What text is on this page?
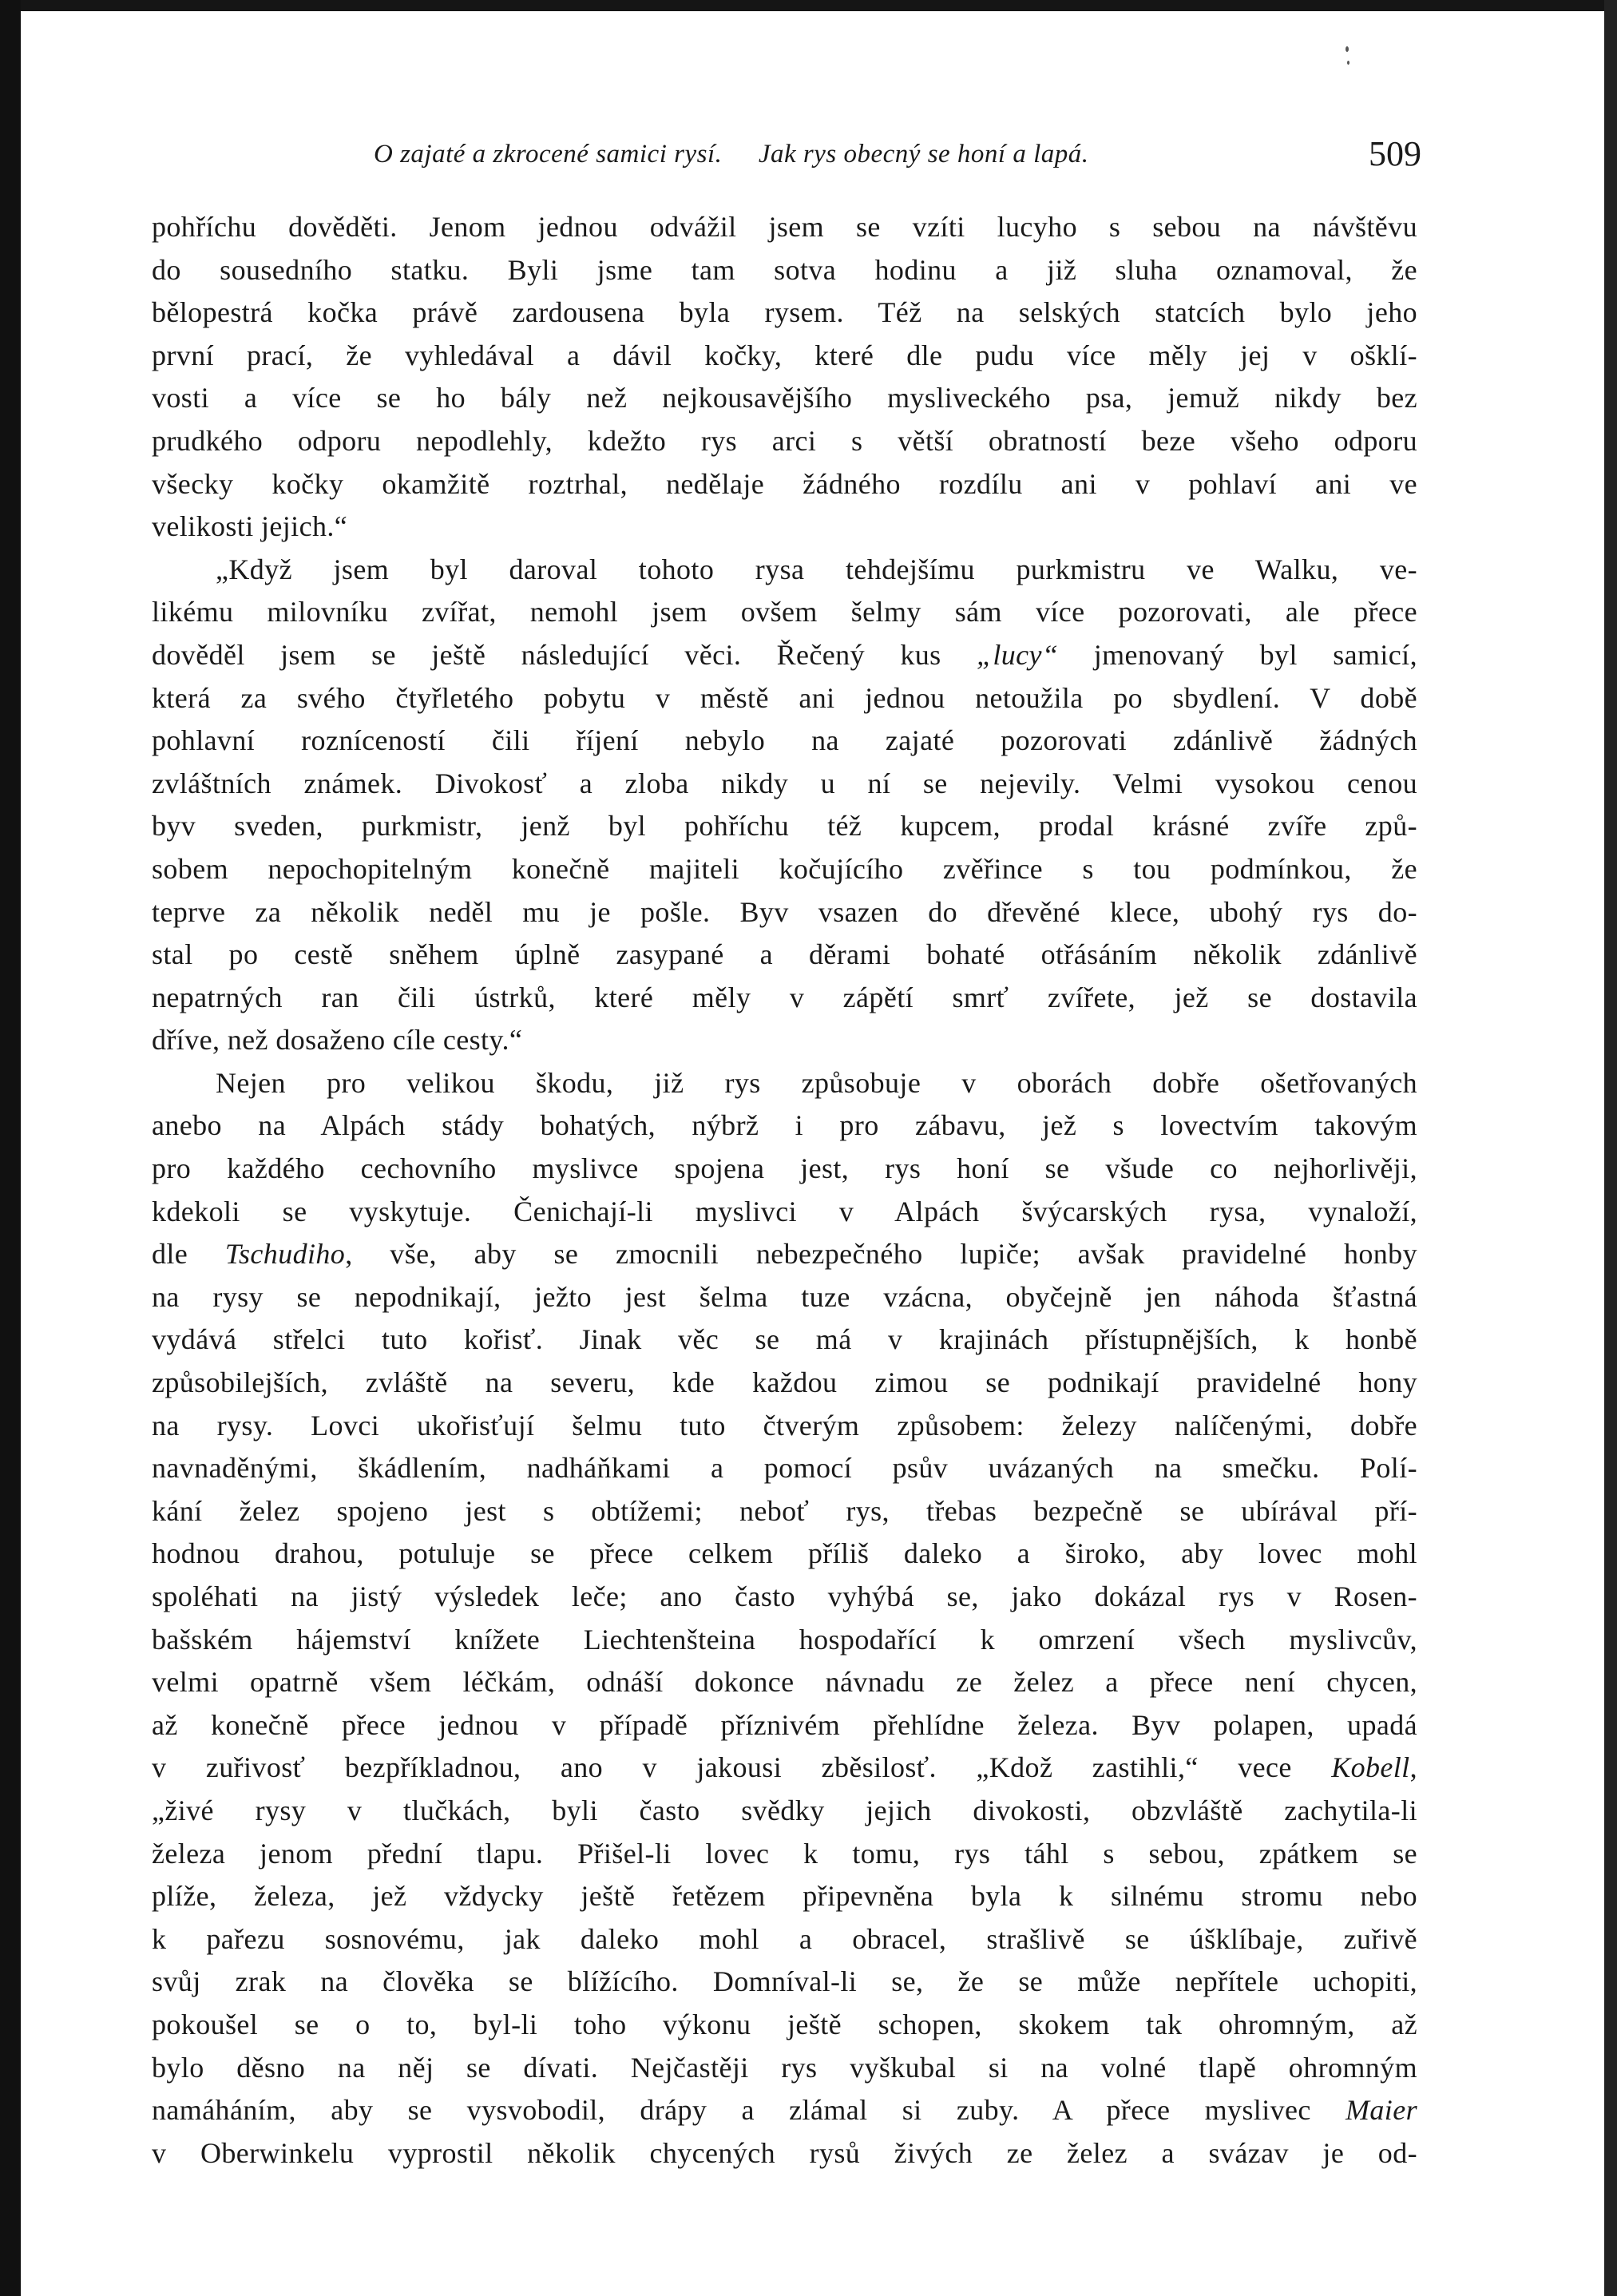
O zajaté a zkrocené samici rysí. Jak rys obecný se honí a lapá.	509
pohříchu dověděti. Jenom jednou odvážil jsem se vzíti lucyho s sebou na návštěvu
do sousedního statku. Byli jsme tam sotva hodinu a již sluha oznamoval, že
bělopestrá kočka právě zardousena byla rysem. Též na selských statcích bylo jeho
první prací, že vyhledával a dávil kočky, které dle pudu více měly jej v ošklí-
vosti a více se ho bály než nejkousavějšího mysliveckého psa, jemuž nikdy bez
prudkého odporu nepodlehly, kdežto rys arci s větší obratností beze všeho odporu
všecky kočky okamžitě roztrhal, nedělaje žádného rozdílu ani v pohlaví ani ve
velikosti jejich.“
„Když jsem byl daroval tohoto rysa tehdejšímu purkmistru ve Walku, ve-
likému milovníku zvířat, nemohl jsem ovšem šelmy sám více pozorovati, ale přece
dověděl jsem se ještě následující věci. Řečený kus „lucy“ jmenovaný byl samicí,
která za svého čtyřletého pobytu v městě ani jednou netoužila po sbydlení. V době
pohlavní rozníceností čili říjení nebylo na zajaté pozorovati zdánlivě žádných
zvláštních známek. Divokosť a zloba nikdy u ní se nejevily. Velmi vysokou cenou
byv sveden, purkmistr, jenž byl pohříchu též kupcem, prodal krásné zvíře způ-
sobem nepochopitelným konečně majiteli kočujícího zvěřince s tou podmínkou, že
teprve za několik neděl mu je pošle. Byv vsazen do dřevěné klece, ubohý rys do-
stal po cestě sněhem úplně zasypané a děrami bohaté otřásáním několik zdánlivě
nepatrných ran čili ústrků, které měly v zápětí smrť zvířete, jež se dostavila
dříve, než dosaženo cíle cesty.“
Nejen pro velikou škodu, již rys způsobuje v oborách dobře ošetřovaných
anebo na Alpách stády bohatých, nýbrž i pro zábavu, jež s lovectvím takovým
pro každého cechovního myslivce spojena jest, rys honí se všude co nejhorlivěji,
kdekoli se vyskytuje. Čenichají-li myslivci v Alpách švýcarských rysa, vynaloží,
dle Tschudiho, vše, aby se zmocnili nebezpečného lupiče; avšak pravidelné honby
na rysy se nepodnikají, ježto jest šelma tuze vzácna, obyčejně jen náhoda šťastná
vydává střelci tuto kořisť. Jinak věc se má v krajinách přístupnějších, k honbě
způsobilejších, zvláště na severu, kde každou zimou se podnikají pravidelné hony
na rysy. Lovci ukořisťují šelmu tuto čtverým způsobem: železy nalíčenými, dobře
navnaděnými, škádlením, nadháňkami a pomocí psův uvázaných na smečku. Polí-
kání želez spojeno jest s obtížemi; neboť rys, třebas bezpečně se ubírával pří-
hodnou drahou, potuluje se přece celkem příliš daleko a široko, aby lovec mohl
spoléhati na jistý výsledek leče; ano často vyhýbá se, jako dokázal rys v Rosen-
bašském hájemství knížete Liechtenšteina hospodařící k omrzení všech myslivcův,
velmi opatrně všem léčkám, odnáší dokonce návnadu ze želez a přece není chycen,
až konečně přece jednou v případě příznivém přehlídne železa. Byv polapen, upadá
v zuřivosť bezpříkladnou, ano v jakousi zběsilosť. „Kdož zastihli,“ vece Kobell,
„živé rysy v tlučkách, byli často svědky jejich divokosti, obzvláště zachytila-li
železa jenom přední tlapu. Přišel-li lovec k tomu, rys táhl s sebou, zpátkem se
plíže, železa, jež vždycky ještě řetězem připevněna byla k silnému stromu nebo
k pařezu sosnovému, jak daleko mohl a obracel, strašlivě se úšklíbaje, zuřivě
svůj zrak na člověka se blížícího. Domníval-li se, že se může nepřítele uchopiti,
pokoušel se o to, byl-li toho výkonu ještě schopen, skokem tak ohromným, až
bylo děsno na něj se dívati. Nejčastěji rys vyškubal si na volné tlapě ohromným
namáháním, aby se vysvobodil, drápy a zlámal si zuby. A přece myslivec Maier
v Oberwinkelu vyprostil několik chycených rysů živých ze želez a svázav je od-
